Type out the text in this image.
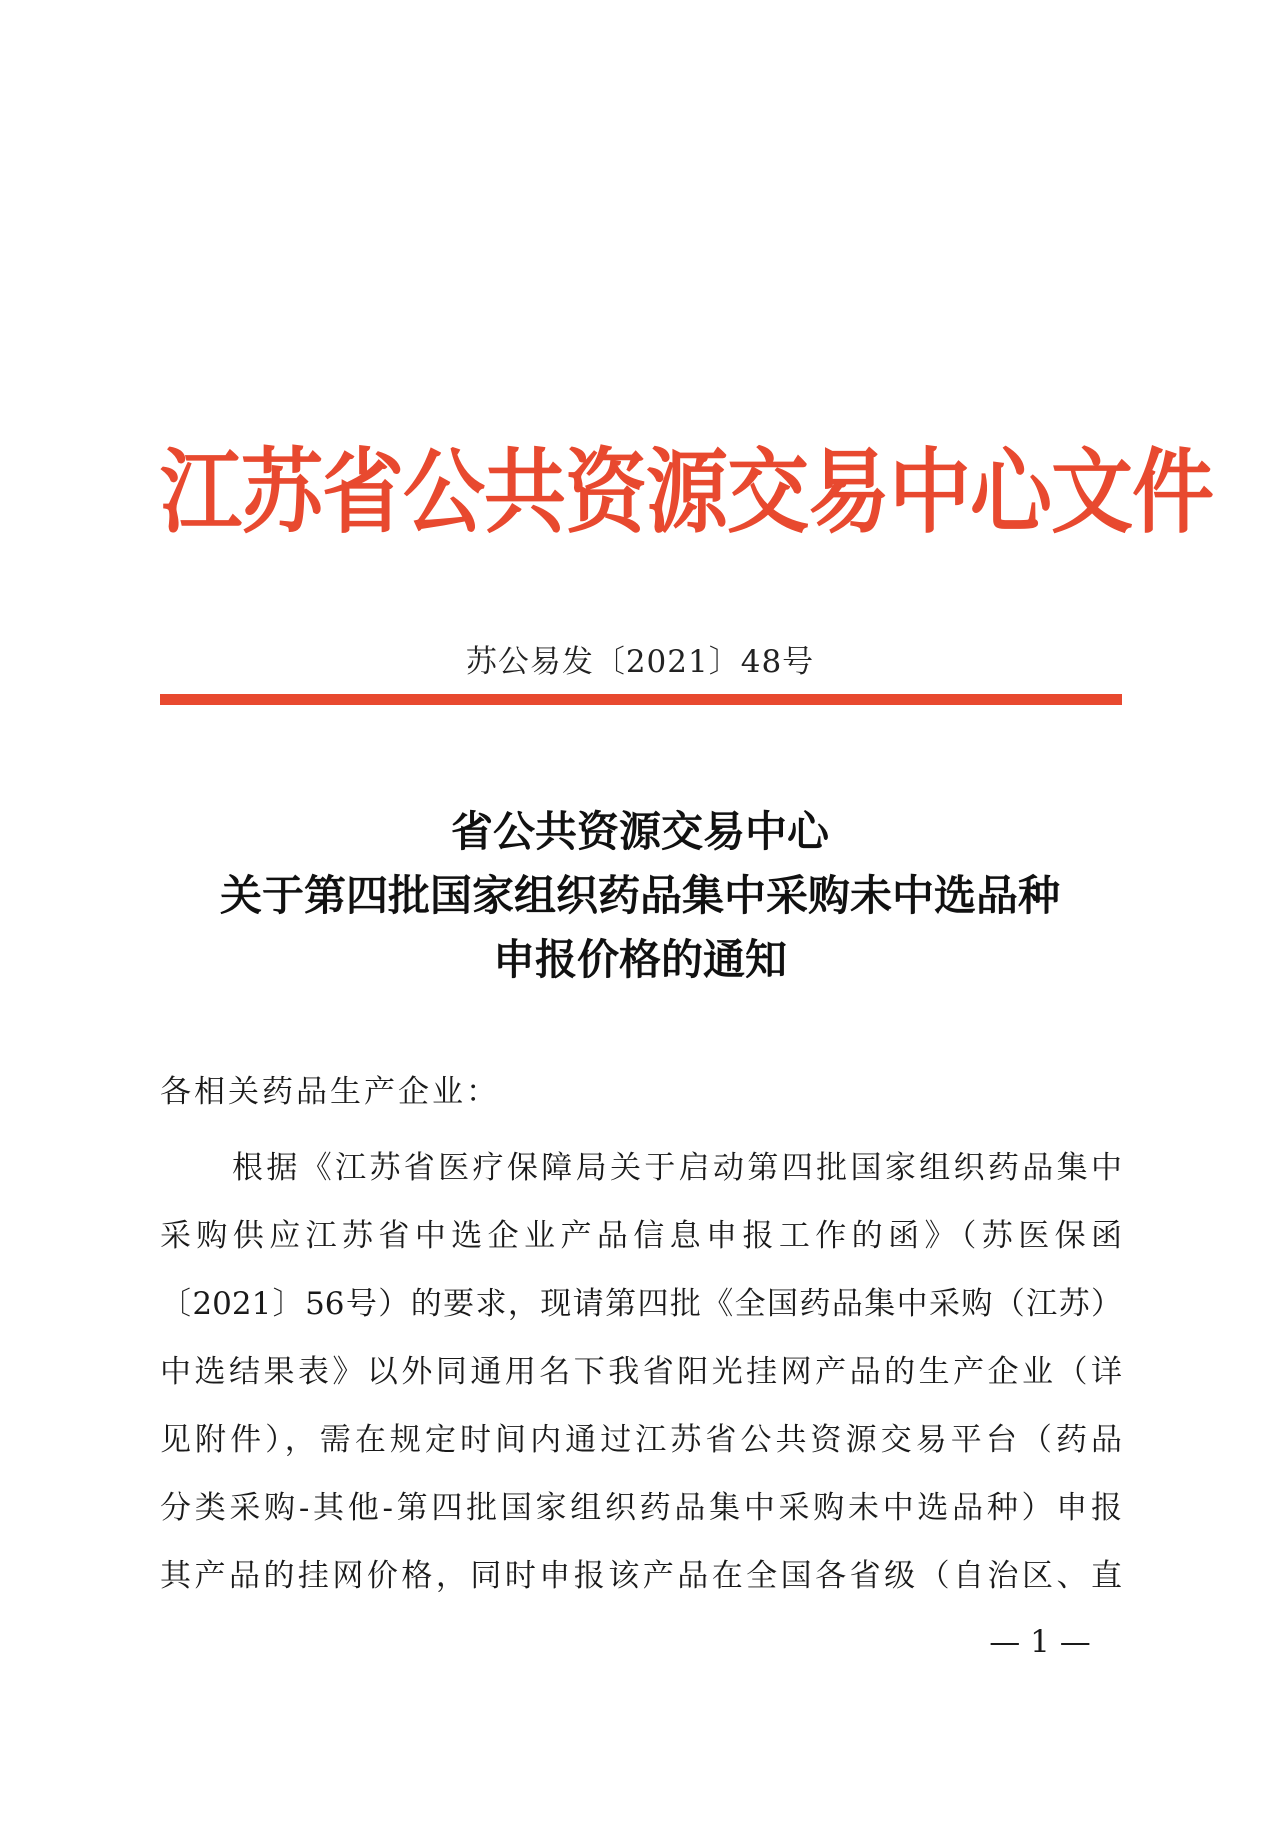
江苏省公共资源交易中心文件
苏公易发〔2021〕48号
省公共资源交易中心
关于第四批国家组织药品集中采购未中选品种
申报价格的通知
各相关药品生产企业：
根据《江苏省医疗保障局关于启动第四批国家组织药品集中
采购供应江苏省中选企业产品信息申报工作的函》（苏医保函
〔2021〕56号）的要求，现请第四批《全国药品集中采购（江苏）
中选结果表》以外同通用名下我省阳光挂网产品的生产企业（详
见附件），需在规定时间内通过江苏省公共资源交易平台（药品
分类采购-其他-第四批国家组织药品集中采购未中选品种）申报
其产品的挂网价格，同时申报该产品在全国各省级（自治区、直
— 1 —
